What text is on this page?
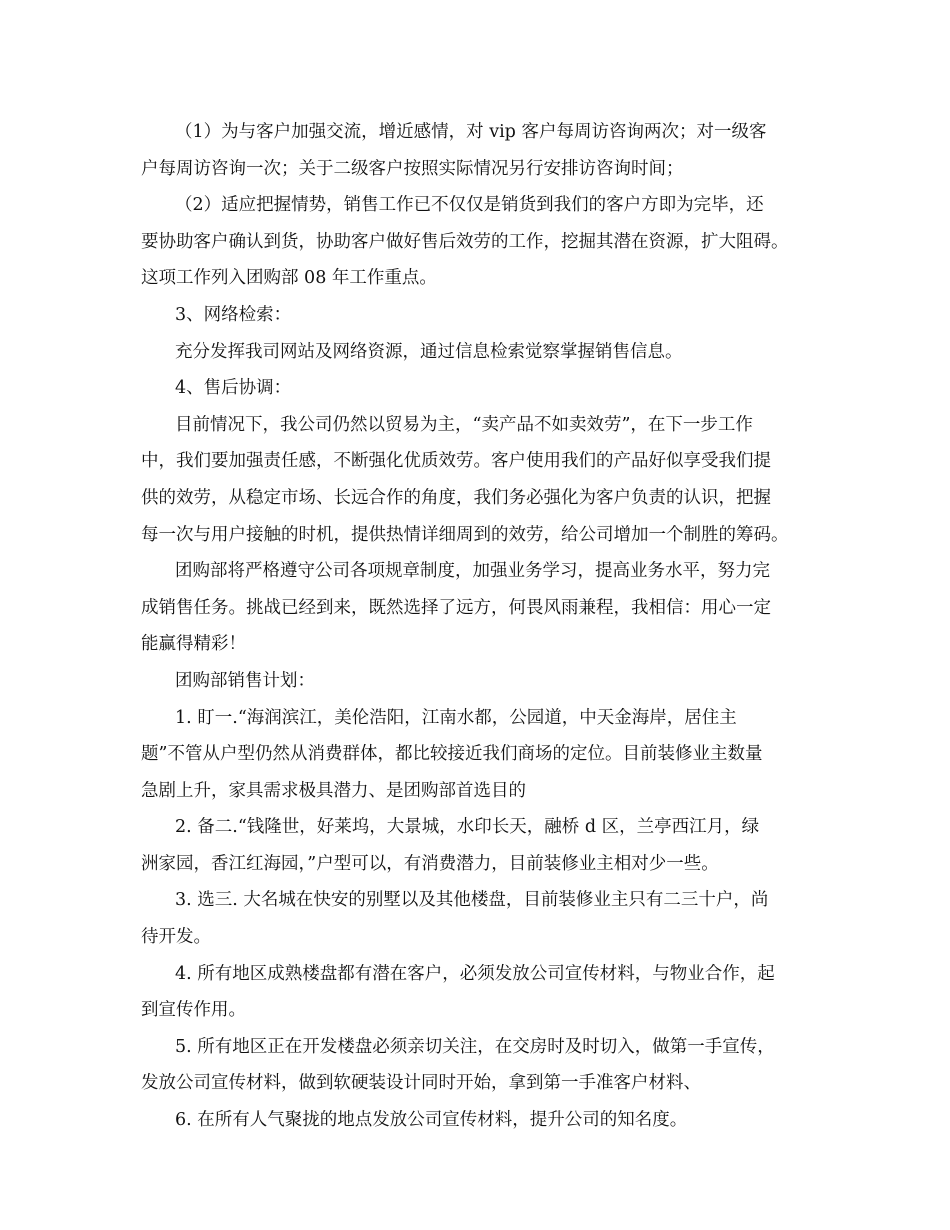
（1）为与客户加强交流，增近感情，对 vip 客户每周访咨询两次；对一级客
户每周访咨询一次；关于二级客户按照实际情况另行安排访咨询时间；
（2）适应把握情势，销售工作已不仅仅是销货到我们的客户方即为完毕，还
要协助客户确认到货，协助客户做好售后效劳的工作，挖掘其潜在资源，扩大阻碍。
这项工作列入团购部 08 年工作重点。
3、网络检索：
充分发挥我司网站及网络资源，通过信息检索觉察掌握销售信息。
4、售后协调：
目前情况下，我公司仍然以贸易为主，“卖产品不如卖效劳”，在下一步工作
中，我们要加强责任感，不断强化优质效劳。客户使用我们的产品好似享受我们提
供的效劳，从稳定市场、长远合作的角度，我们务必强化为客户负责的认识，把握
每一次与用户接触的时机，提供热情详细周到的效劳，给公司增加一个制胜的筹码。
团购部将严格遵守公司各项规章制度，加强业务学习，提高业务水平，努力完
成销售任务。挑战已经到来，既然选择了远方，何畏风雨兼程，我相信：用心一定
能赢得精彩！
团购部销售计划：
1. 盯一.“海润滨江，美伦浩阳，江南水都，公园道，中天金海岸，居住主
题”不管从户型仍然从消费群体，都比较接近我们商场的定位。目前装修业主数量
急剧上升，家具需求极具潜力、是团购部首选目的
2. 备二.“钱隆世，好莱坞，大景城，水印长天，融桥 d 区，兰亭西江月，绿
洲家园，香江红海园，”户型可以，有消费潜力，目前装修业主相对少一些。
3. 选三. 大名城在快安的别墅以及其他楼盘，目前装修业主只有二三十户，尚
待开发。
4. 所有地区成熟楼盘都有潜在客户，必须发放公司宣传材料，与物业合作，起
到宣传作用。
5. 所有地区正在开发楼盘必须亲切关注，在交房时及时切入，做第一手宣传，
发放公司宣传材料，做到软硬装设计同时开始，拿到第一手准客户材料、
6. 在所有人气聚拢的地点发放公司宣传材料，提升公司的知名度。
